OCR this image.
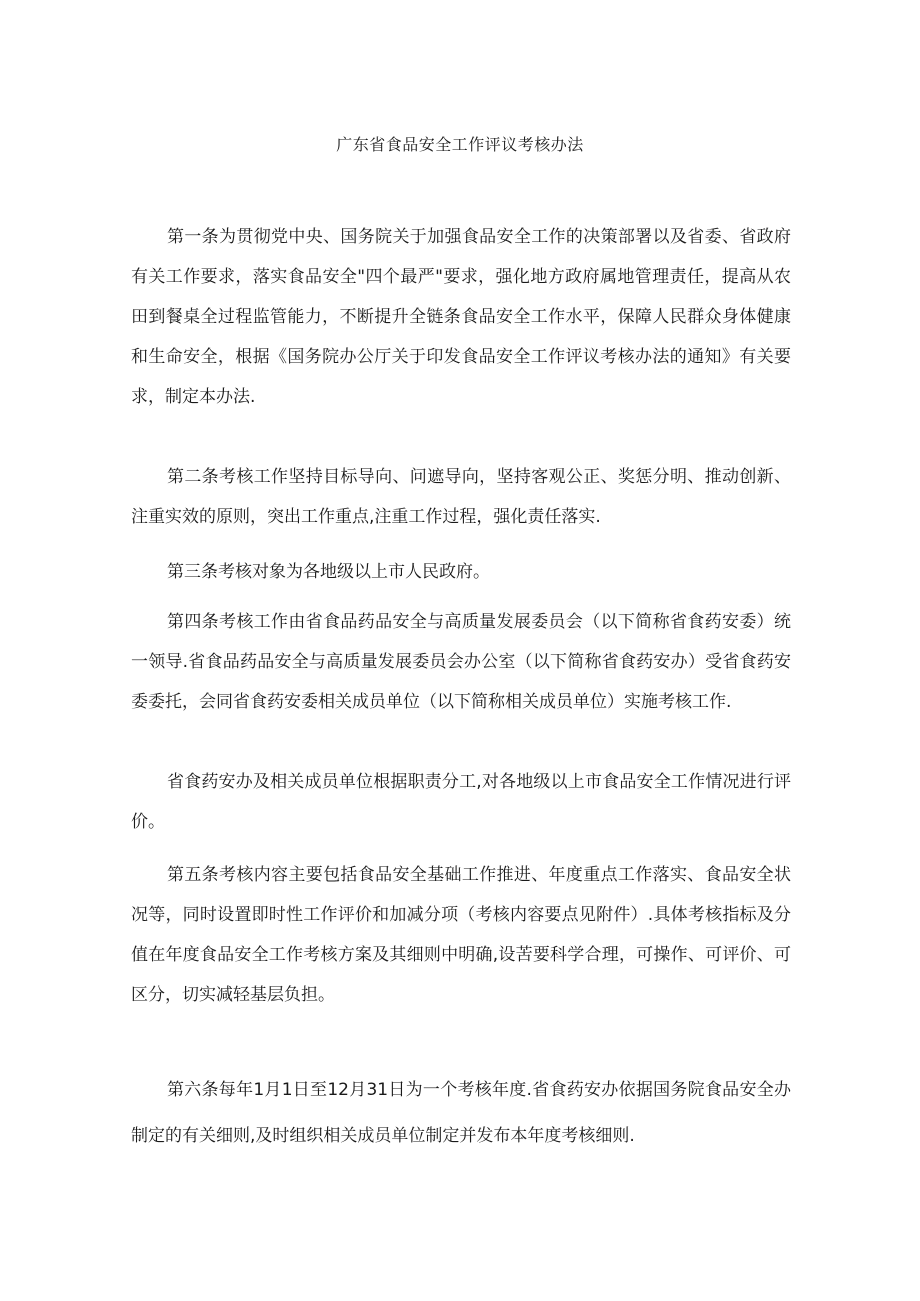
广东省食品安全工作评议考核办法

第一条为贯彻党中央、国务院关于加强食品安全工作的决策部署以及省委、省政府有关工作要求，落实食品安全"四个最严"要求，强化地方政府属地管理责任，提高从农田到餐桌全过程监管能力，不断提升全链条食品安全工作水平，保障人民群众身体健康和生命安全，根据《国务院办公厅关于印发食品安全工作评议考核办法的通知》有关要求，制定本办法.

第二条考核工作坚持目标导向、问遮导向，坚持客观公正、奖惩分明、推动创新、注重实效的原则，突出工作重点,注重工作过程，强化责任落实.

第三条考核对象为各地级以上市人民政府。

第四条考核工作由省食品药品安全与高质量发展委员会（以下简称省食药安委）统一领导.省食品药品安全与高质量发展委员会办公室（以下简称省食药安办）受省食药安委委托，会同省食药安委相关成员单位（以下简称相关成员单位）实施考核工作.

省食药安办及相关成员单位根据职责分工,对各地级以上市食品安全工作情况进行评价。

第五条考核内容主要包括食品安全基础工作推进、年度重点工作落实、食品安全状况等，同时设置即时性工作评价和加减分项（考核内容要点见附件）.具体考核指标及分值在年度食品安全工作考核方案及其细则中明确,设苦要科学合理，可操作、可评价、可区分，切实减轻基层负担。

第六条每年1月1日至12月31日为一个考核年度.省食药安办依据国务院食品安全办制定的有关细则,及时组织相关成员单位制定并发布本年度考核细则.
